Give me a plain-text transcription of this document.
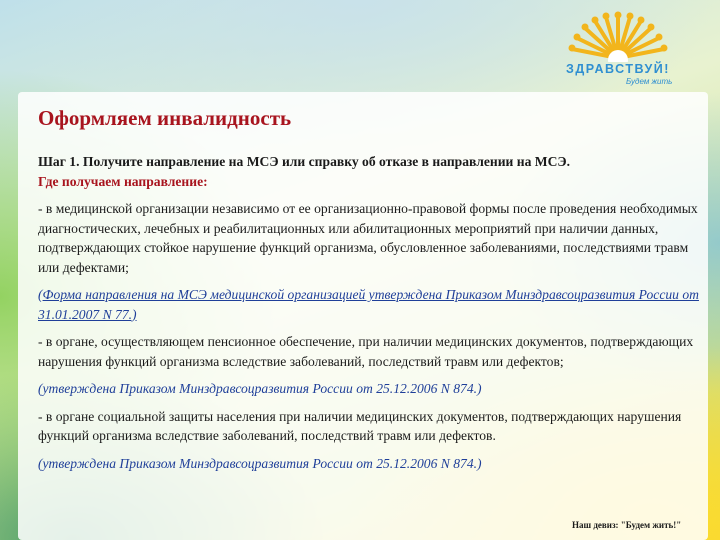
ЗДРАВСТВУЙ!
Будем жить
Оформляем инвалидность

Шаг 1. Получите направление на МСЭ или справку об отказе в направлении на МСЭ.

Где получаем направление:

- в медицинской организации независимо от ее организационно-правовой формы после проведения необходимых диагностических, лечебных и реабилитационных или абилитационных мероприятий при наличии данных, подтверждающих стойкое нарушение функций организма, обусловленное заболеваниями, последствиями травм или дефектами;

(Форма направления на МСЭ медицинской организацией утверждена Приказом Минздравсоцразвития России от 31.01.2007 N 77.)

- в органе, осуществляющем пенсионное обеспечение, при наличии медицинских документов, подтверждающих нарушения функций организма вследствие заболеваний, последствий травм или дефектов;

(утверждена Приказом Минздравсоцразвития России от 25.12.2006 N 874.)

- в органе социальной защиты населения при наличии медицинских документов, подтверждающих нарушения функций организма вследствие заболеваний, последствий травм или дефектов.

(утверждена Приказом Минздравсоцразвития России от 25.12.2006 N 874.)

Наш девиз: "Будем жить!"
